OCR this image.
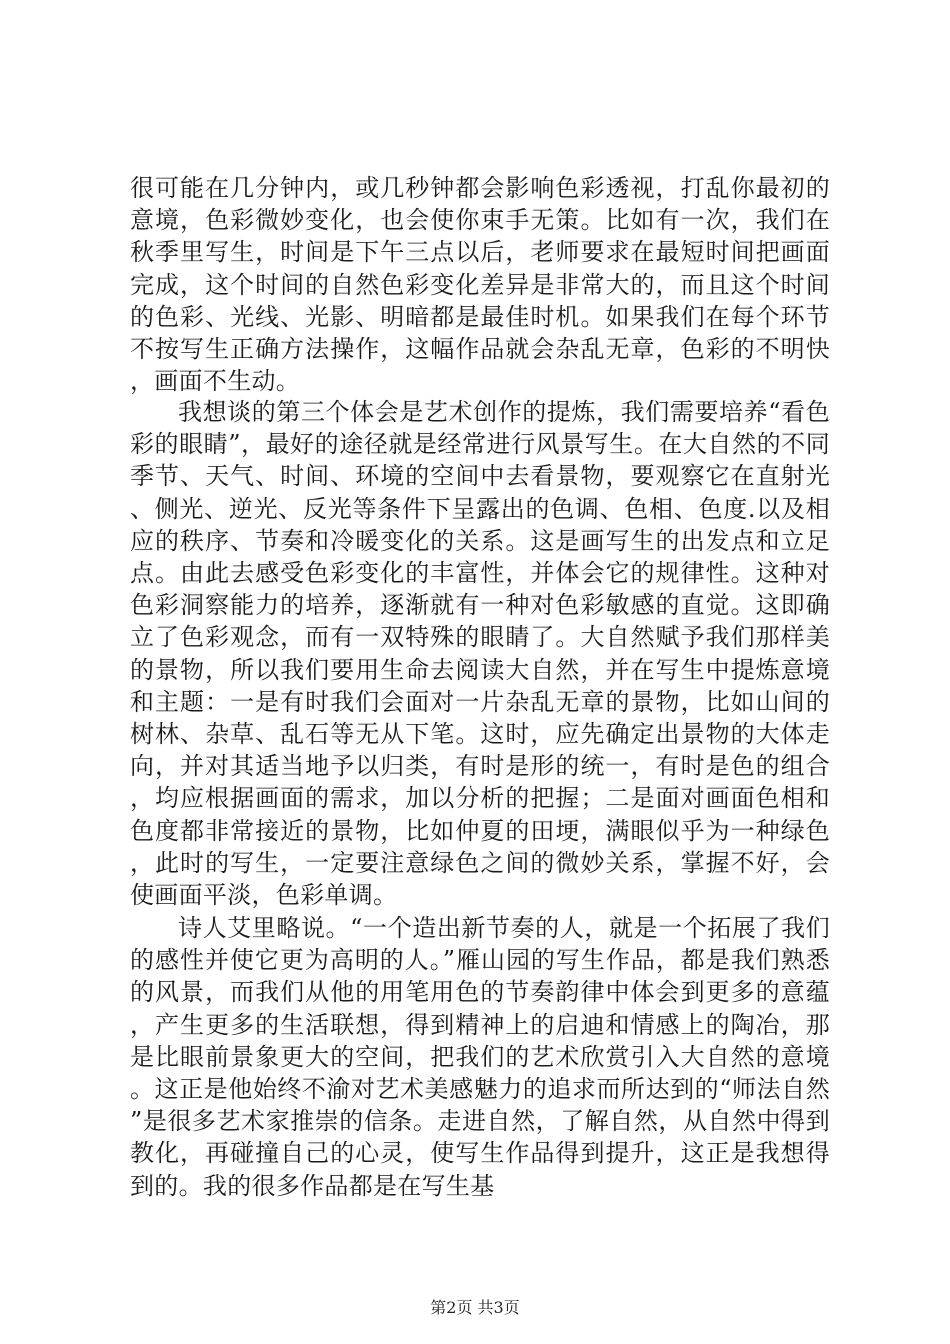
很可能在几分钟内，或几秒钟都会影响色彩透视，打乱你最初的意境，色彩微妙变化，也会使你束手无策。比如有一次，我们在秋季里写生，时间是下午三点以后，老师要求在最短时间把画面完成，这个时间的自然色彩变化差异是非常大的，而且这个时间的色彩、光线、光影、明暗都是最佳时机。如果我们在每个环节不按写生正确方法操作，这幅作品就会杂乱无章，色彩的不明快，画面不生动。

我想谈的第三个体会是艺术创作的提炼，我们需要培养“看色彩的眼睛”，最好的途径就是经常进行风景写生。在大自然的不同季节、天气、时间、环境的空间中去看景物，要观察它在直射光、侧光、逆光、反光等条件下呈露出的色调、色相、色度.以及相应的秩序、节奏和冷暖变化的关系。这是画写生的出发点和立足点。由此去感受色彩变化的丰富性，并体会它的规律性。这种对色彩洞察能力的培养，逐渐就有一种对色彩敏感的直觉。这即确立了色彩观念，而有一双特殊的眼睛了。大自然赋予我们那样美的景物，所以我们要用生命去阅读大自然，并在写生中提炼意境和主题：一是有时我们会面对一片杂乱无章的景物，比如山间的树林、杂草、乱石等无从下笔。这时，应先确定出景物的大体走向，并对其适当地予以归类，有时是形的统一，有时是色的组合，均应根据画面的需求，加以分析的把握；二是面对画面色相和色度都非常接近的景物，比如仲夏的田埂，满眼似乎为一种绿色，此时的写生，一定要注意绿色之间的微妙关系，掌握不好，会使画面平淡，色彩单调。

诗人艾里略说。“一个造出新节奏的人，就是一个拓展了我们的感性并使它更为高明的人。”雁山园的写生作品，都是我们熟悉的风景，而我们从他的用笔用色的节奏韵律中体会到更多的意蕴，产生更多的生活联想，得到精神上的启迪和情感上的陶冶，那是比眼前景象更大的空间，把我们的艺术欣赏引入大自然的意境。这正是他始终不渝对艺术美感魅力的追求而所达到的“师法自然”是很多艺术家推崇的信条。走进自然，了解自然，从自然中得到教化，再碰撞自己的心灵，使写生作品得到提升，这正是我想得到的。我的很多作品都是在写生基

第2页 共3页
